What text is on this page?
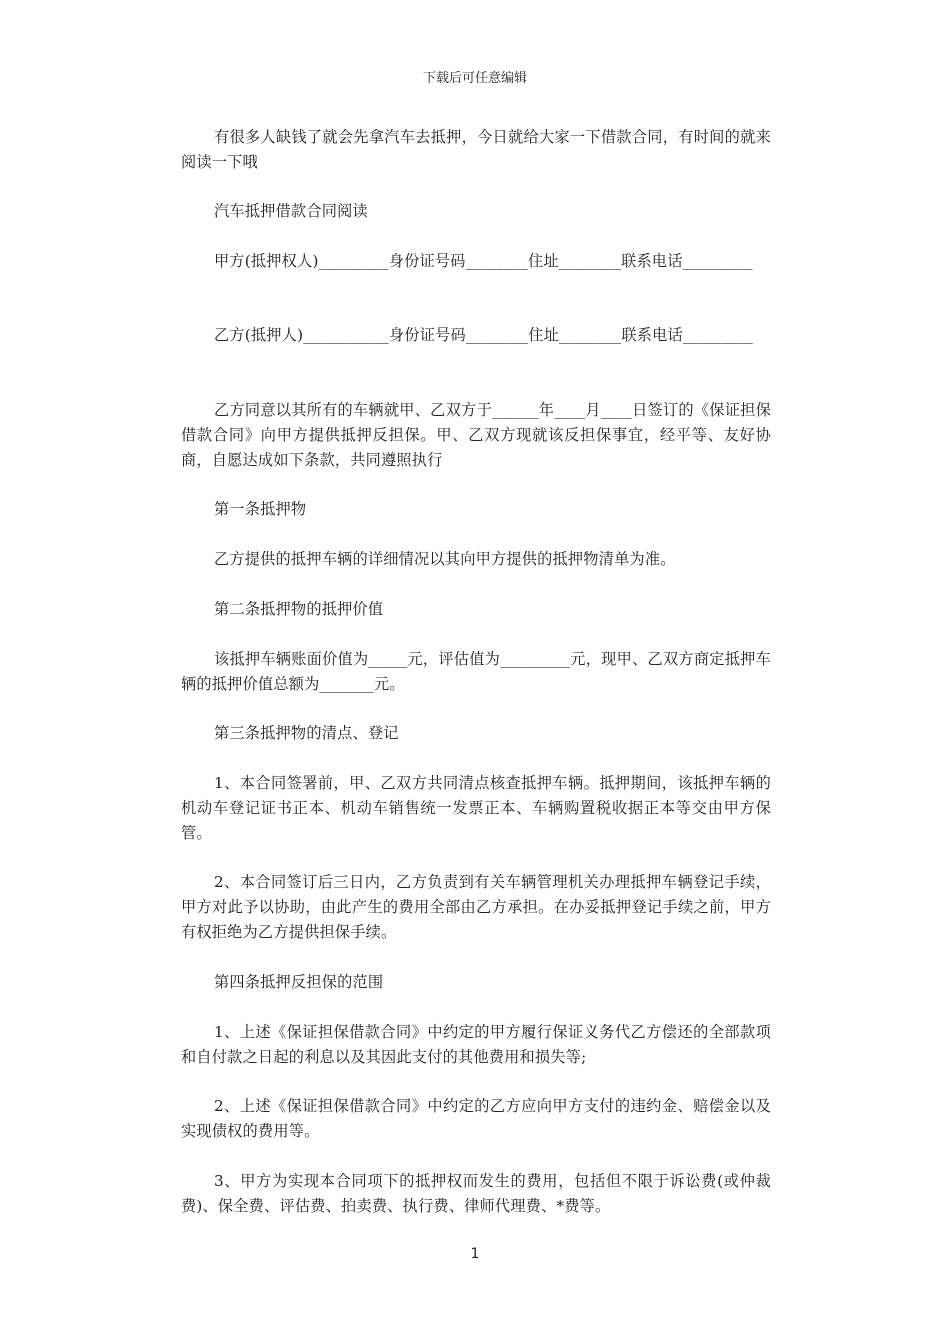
下载后可任意编辑

有很多人缺钱了就会先拿汽车去抵押，今日就给大家一下借款合同，有时间的就来阅读一下哦

汽车抵押借款合同阅读

甲方(抵押权人)_________身份证号码________住址________联系电话_________

乙方(抵押人)___________身份证号码________住址________联系电话_________

乙方同意以其所有的车辆就甲、乙双方于______年____月____日签订的《保证担保借款合同》向甲方提供抵押反担保。甲、乙双方现就该反担保事宜，经平等、友好协商，自愿达成如下条款，共同遵照执行

第一条抵押物

乙方提供的抵押车辆的详细情况以其向甲方提供的抵押物清单为准。

第二条抵押物的抵押价值

该抵押车辆账面价值为_____元，评估值为_________元，现甲、乙双方商定抵押车辆的抵押价值总额为_______元。

第三条抵押物的清点、登记

1、本合同签署前，甲、乙双方共同清点核查抵押车辆。抵押期间，该抵押车辆的机动车登记证书正本、机动车销售统一发票正本、车辆购置税收据正本等交由甲方保管。

2、本合同签订后三日内，乙方负责到有关车辆管理机关办理抵押车辆登记手续，甲方对此予以协助，由此产生的费用全部由乙方承担。在办妥抵押登记手续之前，甲方有权拒绝为乙方提供担保手续。

第四条抵押反担保的范围

1、上述《保证担保借款合同》中约定的甲方履行保证义务代乙方偿还的全部款项和自付款之日起的利息以及其因此支付的其他费用和损失等;

2、上述《保证担保借款合同》中约定的乙方应向甲方支付的违约金、赔偿金以及实现债权的费用等。

3、甲方为实现本合同项下的抵押权而发生的费用，包括但不限于诉讼费(或仲裁费)、保全费、评估费、拍卖费、执行费、律师代理费、*费等。

1
